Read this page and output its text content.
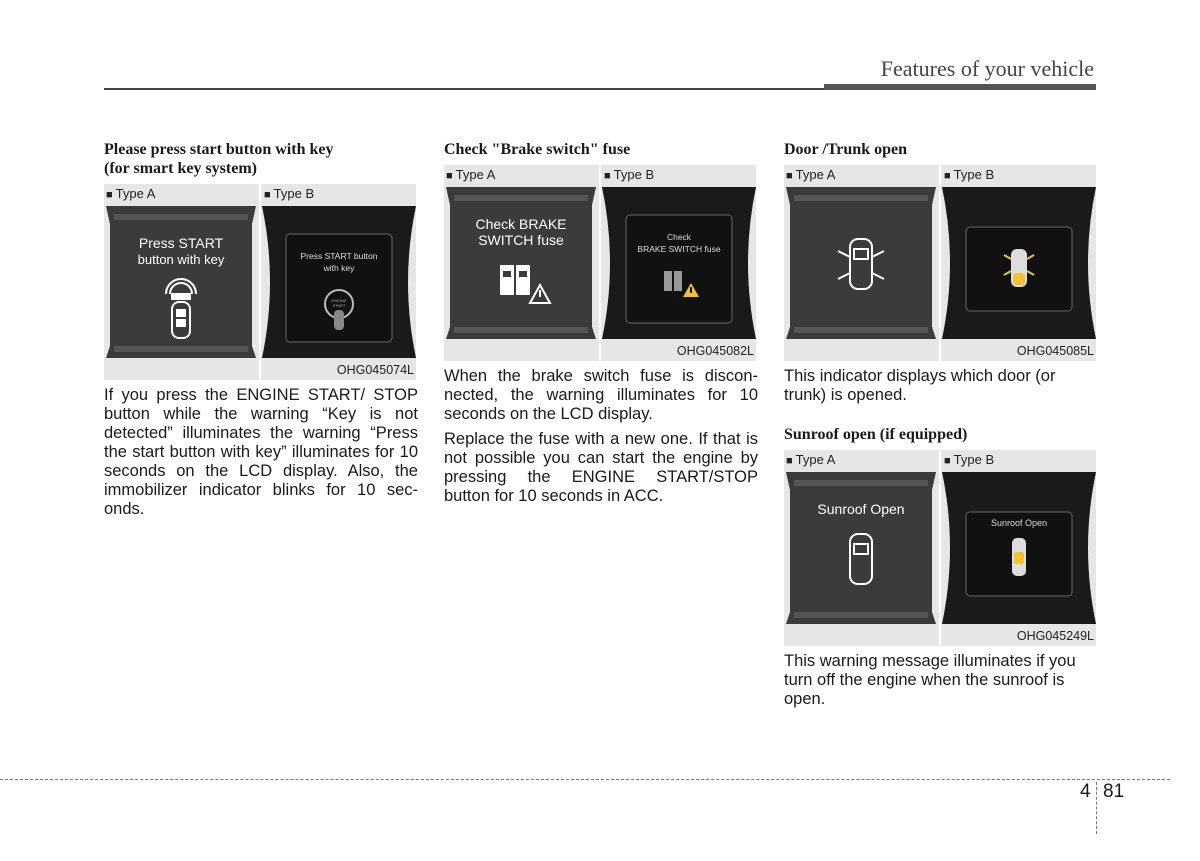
Features of your vehicle
Please press start button with key
(for smart key system)
■ Type A	■ Type B
Press START
button with key	Press START button
with key
ENGINE
START
OHG045074L

If you press the ENGINE START/ STOP button while the warning “Key is not detected” illuminates the warning “Press the start button with key” illuminates for 10 seconds on the LCD display. Also, the immobilizer indicator blinks for 10 sec-onds.

Check "Brake switch" fuse
■ Type A	■ Type B
Check BRAKE
SWITCH fuse	Check
BRAKE SWITCH fuse
OHG045082L

When the brake switch fuse is discon-nected, the warning illuminates for 10 seconds on the LCD display.

Replace the fuse with a new one. If that is not possible you can start the engine by pressing the ENGINE START/STOP button for 10 seconds in ACC.

Door /Trunk open
■ Type A	■ Type B
OHG045085L

This indicator displays which door (or trunk) is opened.

Sunroof open (if equipped)
■ Type A	■ Type B
Sunroof Open
Sunroof Open
OHG045249L

This warning message illuminates if you turn off the engine when the sunroof is open.

4 81
